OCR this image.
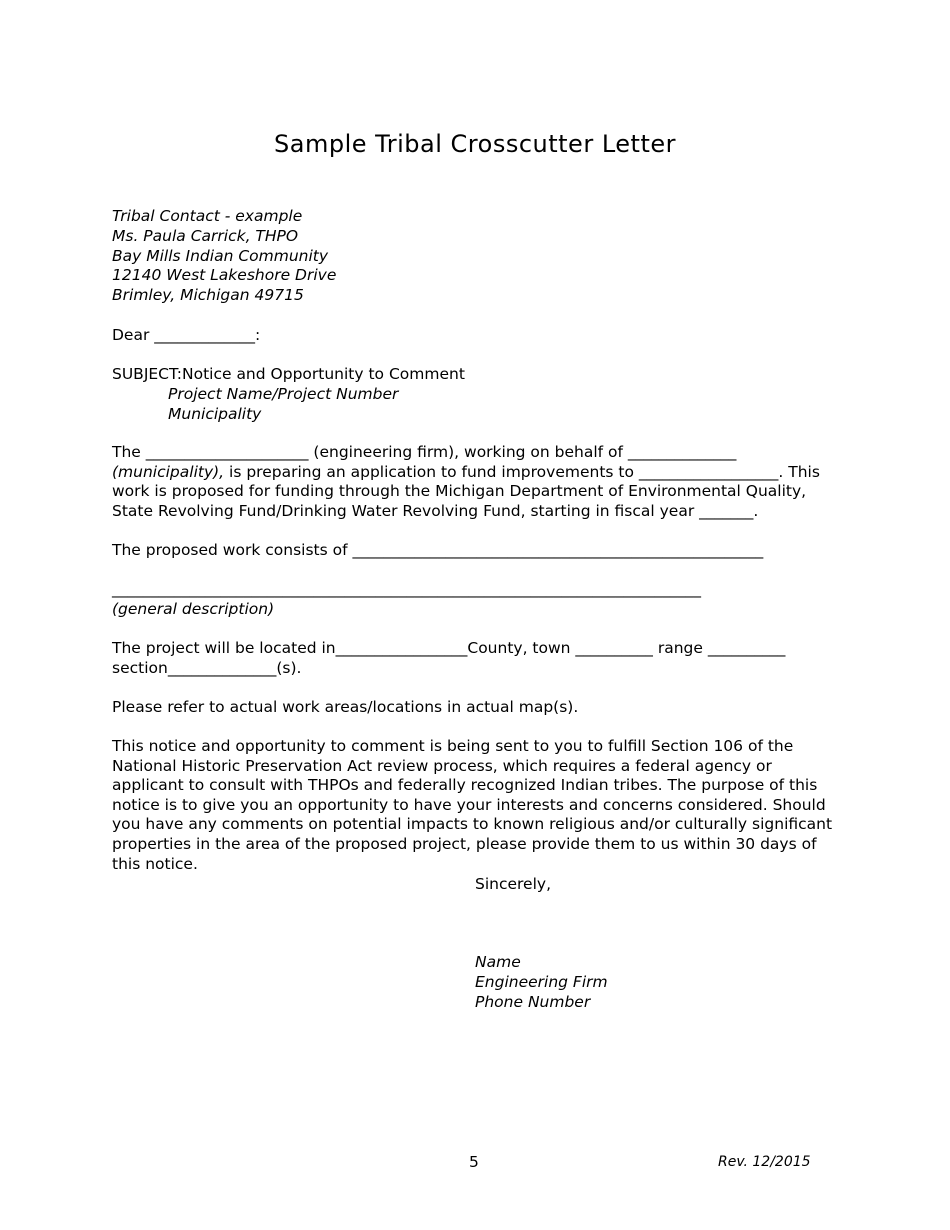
Sample Tribal Crosscutter Letter
Tribal Contact - example
Ms. Paula Carrick, THPO
Bay Mills Indian Community
12140 West Lakeshore Drive
Brimley, Michigan 49715
Dear _____________:
SUBJECT:Notice and Opportunity to Comment
Project Name/Project Number
Municipality
The _____________________ (engineering firm), working on behalf of ______________ (municipality), is preparing an application to fund improvements to __________________. This work is proposed for funding through the Michigan Department of Environmental Quality, State Revolving Fund/Drinking Water Revolving Fund, starting in fiscal year _______.
The proposed work consists of _____________________________________________________
____________________________________________________________________________
(general description)
The project will be located in_________________County, town __________ range __________
section______________(s).
Please refer to actual work areas/locations in actual map(s).
This notice and opportunity to comment is being sent to you to fulfill Section 106 of the National Historic Preservation Act review process, which requires a federal agency or applicant to consult with THPOs and federally recognized Indian tribes. The purpose of this notice is to give you an opportunity to have your interests and concerns considered. Should you have any comments on potential impacts to known religious and/or culturally significant properties in the area of the proposed project, please provide them to us within 30 days of this notice.
Sincerely,
Name
Engineering Firm
Phone Number
5	Rev. 12/2015
